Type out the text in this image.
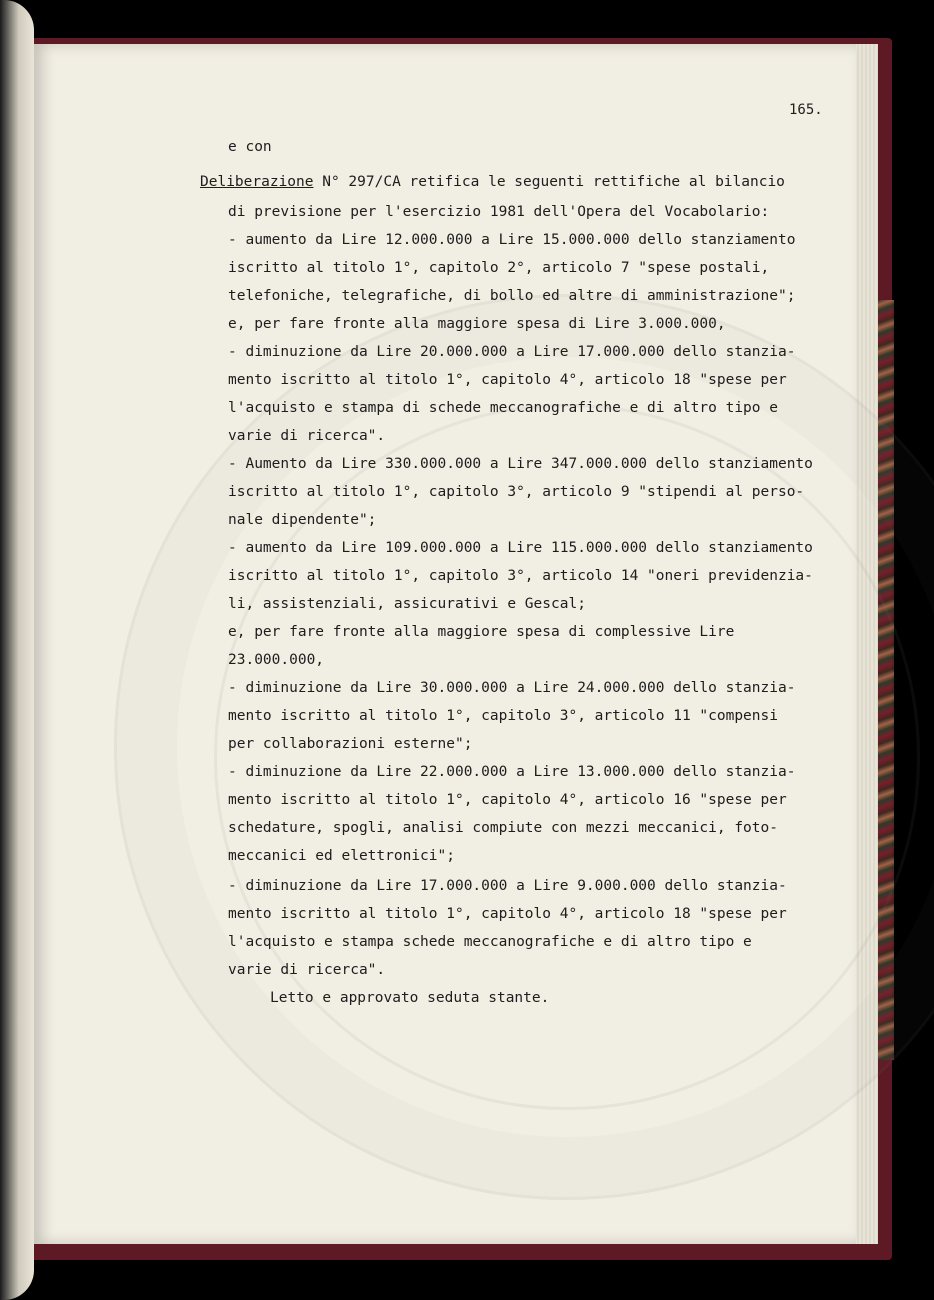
165.

e con

Deliberazione N° 297/CA retifica le seguenti rettifiche al bilancio

di previsione per l'esercizio 1981 dell'Opera del Vocabolario:

- aumento da Lire 12.000.000 a Lire 15.000.000 dello stanziamento

iscritto al titolo 1°, capitolo 2°, articolo 7 "spese postali,

telefoniche, telegrafiche, di bollo ed altre di amministrazione";

e, per fare fronte alla maggiore spesa di Lire 3.000.000,

- diminuzione da Lire 20.000.000 a Lire 17.000.000 dello stanzia-

mento iscritto al titolo 1°, capitolo 4°, articolo 18 "spese per

l'acquisto e stampa di schede meccanografiche e di altro tipo e

varie di ricerca".

- Aumento da Lire 330.000.000 a Lire 347.000.000 dello stanziamento

iscritto al titolo 1°, capitolo 3°, articolo 9 "stipendi al perso-

nale dipendente";

- aumento da Lire 109.000.000 a Lire 115.000.000 dello stanziamento

iscritto al titolo 1°, capitolo 3°, articolo 14 "oneri previdenzia-

li, assistenziali, assicurativi e Gescal;

e, per fare fronte alla maggiore spesa di complessive Lire

23.000.000,

- diminuzione da Lire 30.000.000 a Lire 24.000.000 dello stanzia-

mento iscritto al titolo 1°, capitolo 3°, articolo 11 "compensi

per collaborazioni esterne";

- diminuzione da Lire 22.000.000 a Lire 13.000.000 dello stanzia-

mento iscritto al titolo 1°, capitolo 4°, articolo 16 "spese per

schedature, spogli, analisi compiute con mezzi meccanici, foto-

meccanici ed elettronici";

- diminuzione da Lire 17.000.000 a Lire 9.000.000 dello stanzia-

mento iscritto al titolo 1°, capitolo 4°, articolo 18 "spese per

l'acquisto e stampa schede meccanografiche e di altro tipo e

varie di ricerca".

Letto e approvato seduta stante.
